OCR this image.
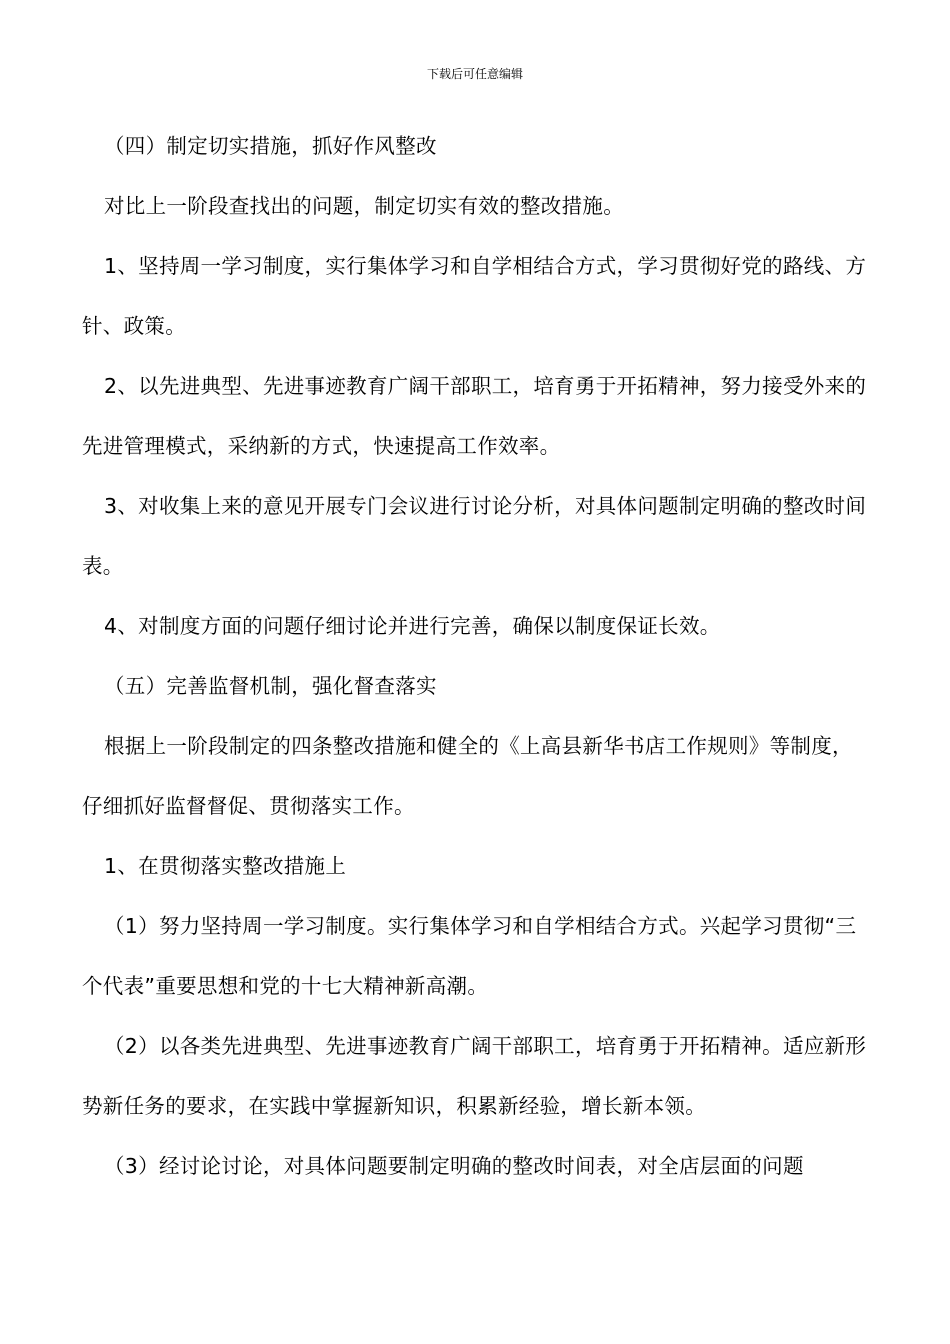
下载后可任意编辑

（四）制定切实措施，抓好作风整改

对比上一阶段查找出的问题，制定切实有效的整改措施。

1、坚持周一学习制度，实行集体学习和自学相结合方式，学习贯彻好党的路线、方针、政策。

2、以先进典型、先进事迹教育广阔干部职工，培育勇于开拓精神，努力接受外来的先进管理模式，采纳新的方式，快速提高工作效率。

3、对收集上来的意见开展专门会议进行讨论分析，对具体问题制定明确的整改时间表。

4、对制度方面的问题仔细讨论并进行完善，确保以制度保证长效。

（五）完善监督机制，强化督查落实

根据上一阶段制定的四条整改措施和健全的《上高县新华书店工作规则》等制度，仔细抓好监督督促、贯彻落实工作。

1、在贯彻落实整改措施上

（1）努力坚持周一学习制度。实行集体学习和自学相结合方式。兴起学习贯彻“三个代表”重要思想和党的十七大精神新高潮。

（2）以各类先进典型、先进事迹教育广阔干部职工，培育勇于开拓精神。适应新形势新任务的要求，在实践中掌握新知识，积累新经验，增长新本领。

（3）经讨论讨论，对具体问题要制定明确的整改时间表，对全店层面的问题
